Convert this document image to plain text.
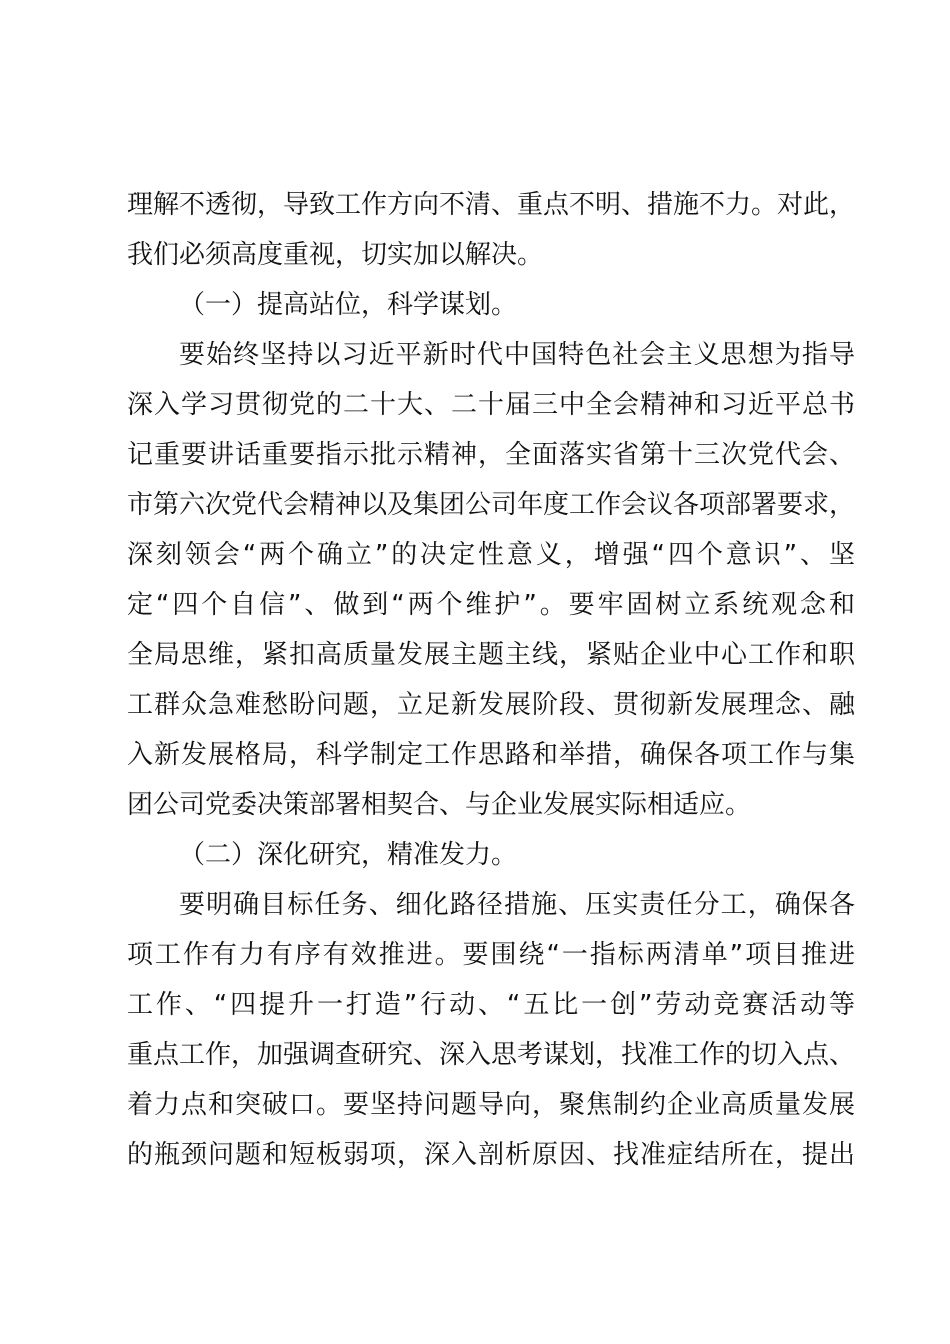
理解不透彻，导致工作方向不清、重点不明、措施不力。对此，
我们必须高度重视，切实加以解决。
（一）提高站位，科学谋划。
要始终坚持以习近平新时代中国特色社会主义思想为指导
深入学习贯彻党的二十大、二十届三中全会精神和习近平总书
记重要讲话重要指示批示精神，全面落实省第十三次党代会、
市第六次党代会精神以及集团公司年度工作会议各项部署要求，
深刻领会“两个确立”的决定性意义，增强“四个意识”、坚
定“四个自信”、做到“两个维护”。要牢固树立系统观念和
全局思维，紧扣高质量发展主题主线，紧贴企业中心工作和职
工群众急难愁盼问题，立足新发展阶段、贯彻新发展理念、融
入新发展格局，科学制定工作思路和举措，确保各项工作与集
团公司党委决策部署相契合、与企业发展实际相适应。
（二）深化研究，精准发力。
要明确目标任务、细化路径措施、压实责任分工，确保各
项工作有力有序有效推进。要围绕“一指标两清单”项目推进
工作、“四提升一打造”行动、“五比一创”劳动竞赛活动等
重点工作，加强调查研究、深入思考谋划，找准工作的切入点、
着力点和突破口。要坚持问题导向，聚焦制约企业高质量发展
的瓶颈问题和短板弱项，深入剖析原因、找准症结所在，提出
